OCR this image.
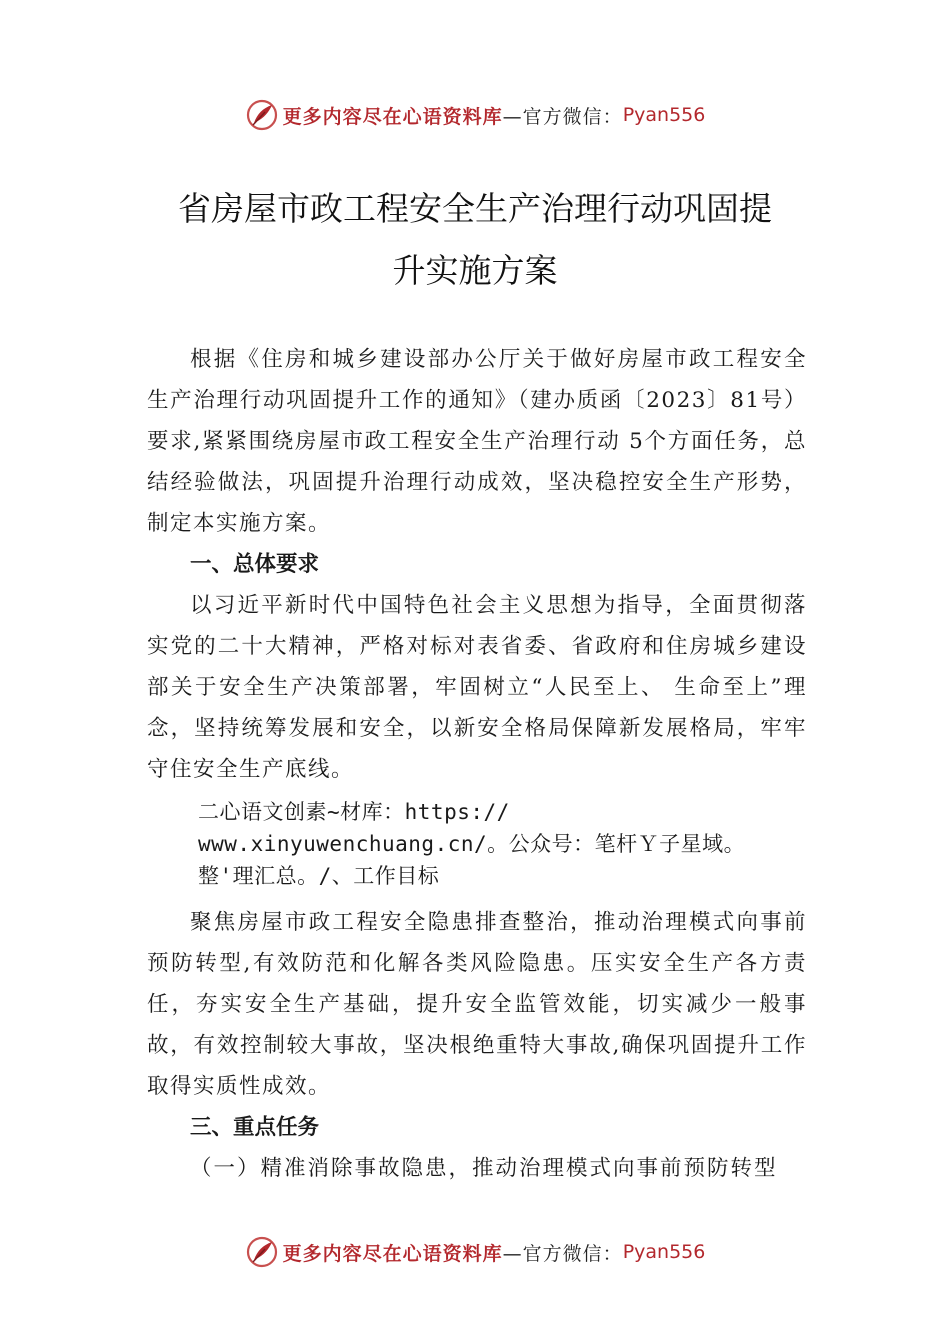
更多内容尽在心语资料库 —官方微信： Pyan556
省房屋市政工程安全生产治理行动巩固提
升实施方案
根据《住房和城乡建设部办公厅关于做好房屋市政工程安全生产治理行动巩固提升工作的通知》（建办质函〔2023〕81号）要求,紧紧围绕房屋市政工程安全生产治理行动 5个方面任务，总结经验做法，巩固提升治理行动成效，坚决稳控安全生产形势，制定本实施方案。
一、总体要求
以习近平新时代中国特色社会主义思想为指导，全面贯彻落实党的二十大精神，严格对标对表省委、省政府和住房城乡建设部关于安全生产决策部署，牢固树立“人民至上、 生命至上”理念，坚持统筹发展和安全，以新安全格局保障新发展格局，牢牢守住安全生产底线。
二心语文创素~材库：https://
www.xinyuwenchuang.cn/。公众号：笔杆Ｙ子星域。
整'理汇总。/、工作目标
聚焦房屋市政工程安全隐患排查整治，推动治理模式向事前预防转型,有效防范和化解各类风险隐患。压实安全生产各方责任，夯实安全生产基础，提升安全监管效能，切实减少一般事故，有效控制较大事故，坚决根绝重特大事故,确保巩固提升工作取得实质性成效。
三、重点任务
（一）精准消除事故隐患，推动治理模式向事前预防转型
更多内容尽在心语资料库 —官方微信： Pyan556
